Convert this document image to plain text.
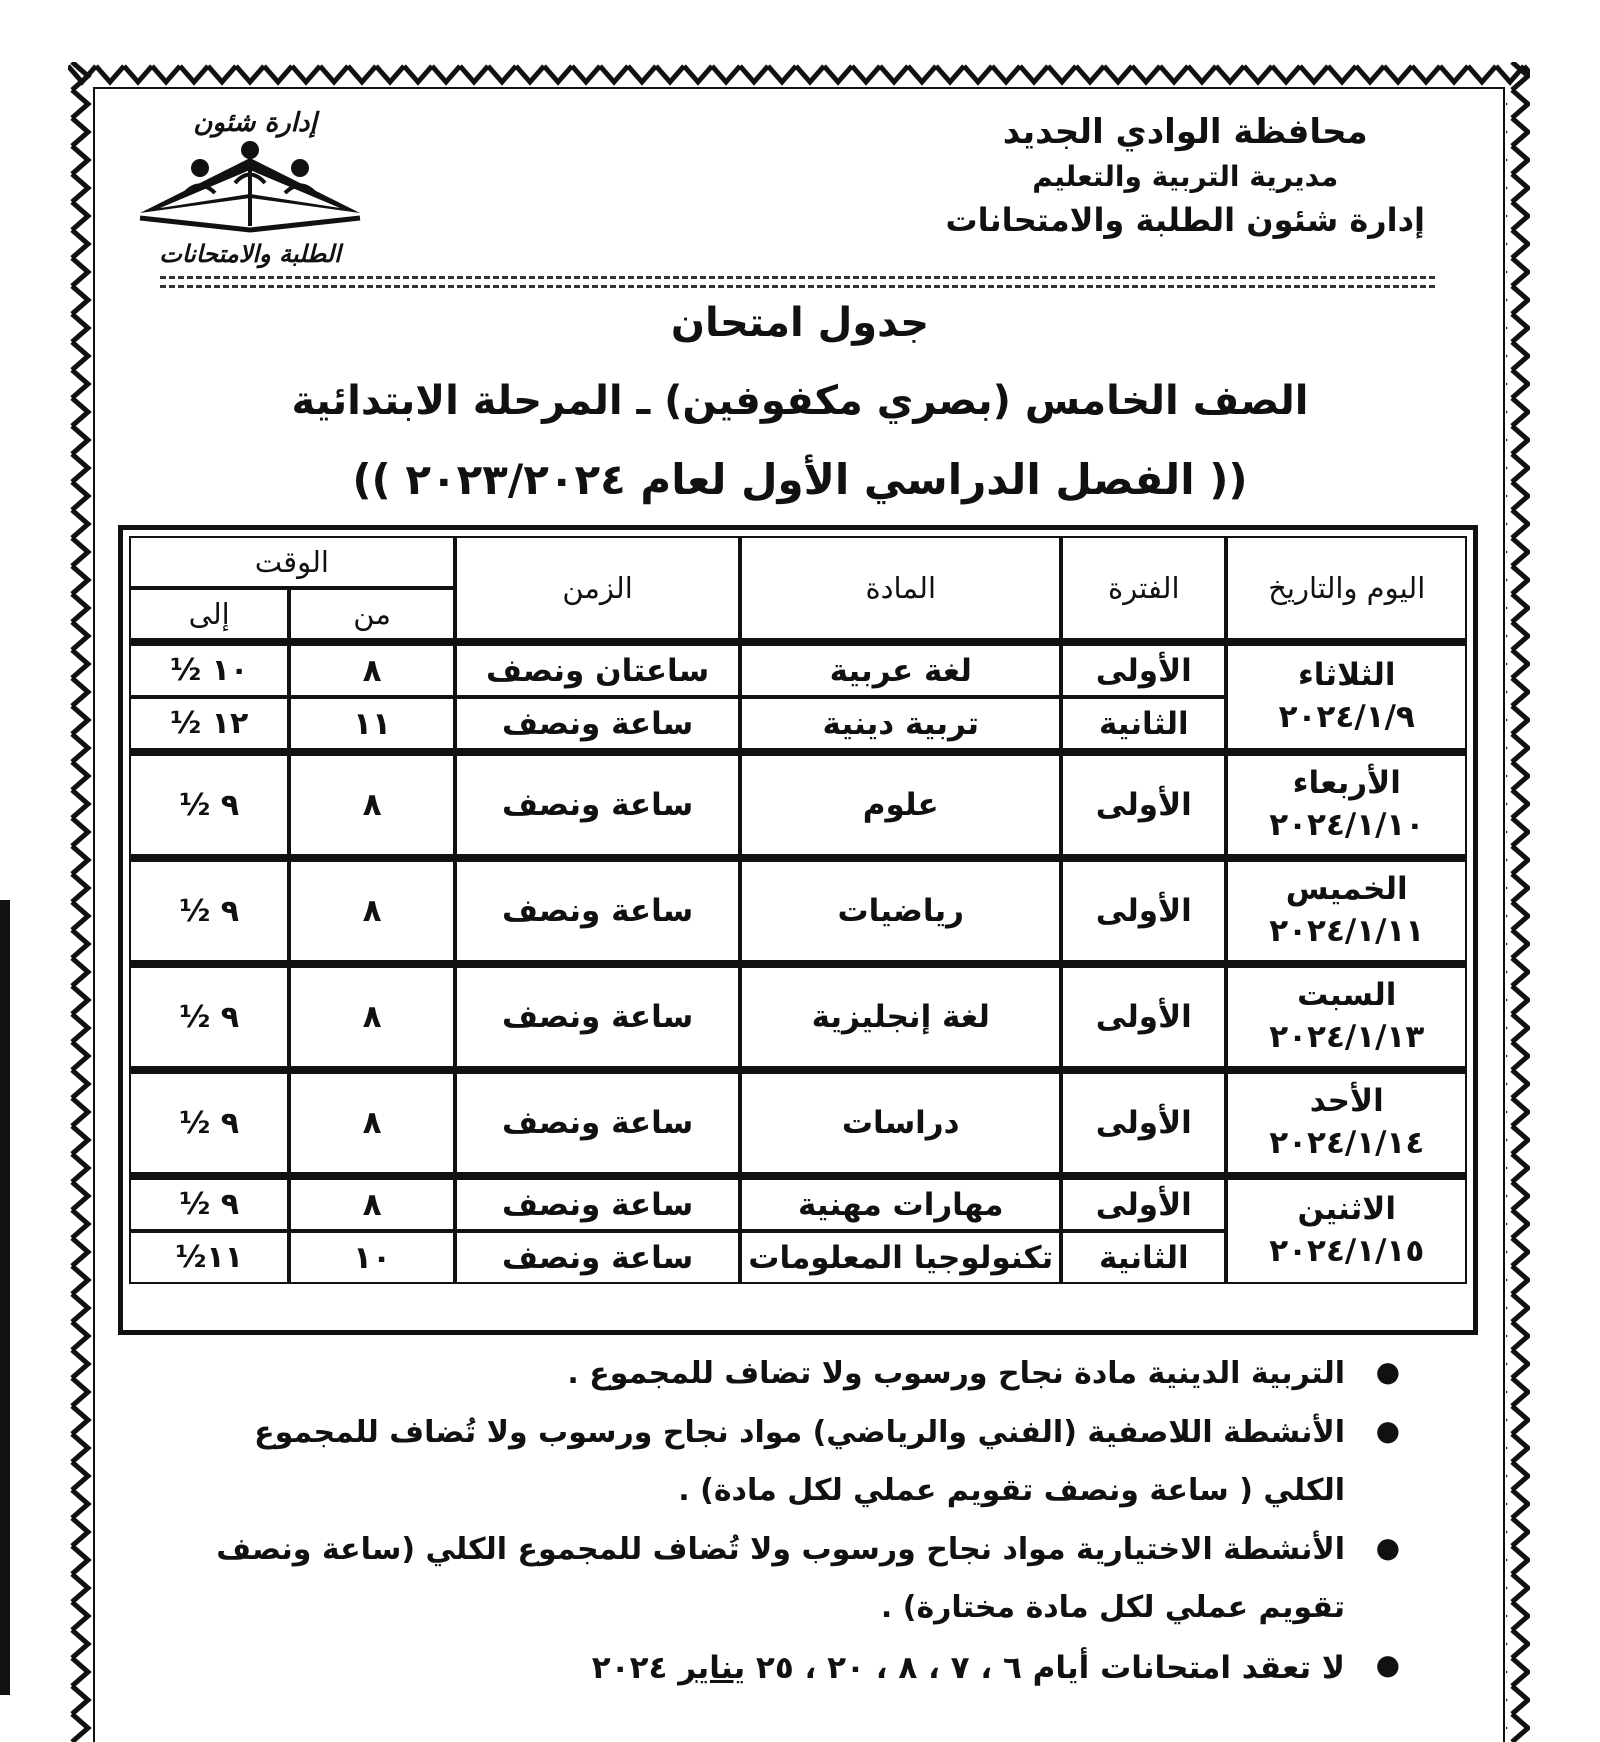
محافظة الوادي الجديد
مديرية التربية والتعليم
إدارة شئون الطلبة والامتحانات
إدارة شئون
الطلبة والامتحانات
جدول امتحان
الصف الخامس (بصري مكفوفين) ـ المرحلة الابتدائية
(( الفصل الدراسي الأول لعام ٢٠٢٣/٢٠٢٤ ))
اليوم والتاريخ	الفترة	المادة	الزمن	الوقت	
				من	إلى

الثلاثاء
٢٠٢٤/١/٩	الأولى	لغة عربية	ساعتان ونصف	٨	١٠ ½
	الثانية	تربية دينية	ساعة ونصف	١١	١٢ ½

الأربعاء
٢٠٢٤/١/١٠	الأولى	علوم	ساعة ونصف	٨	٩ ½

الخميس
٢٠٢٤/١/١١	الأولى	رياضيات	ساعة ونصف	٨	٩ ½

السبت
٢٠٢٤/١/١٣	الأولى	لغة إنجليزية	ساعة ونصف	٨	٩ ½

الأحد
٢٠٢٤/١/١٤	الأولى	دراسات	ساعة ونصف	٨	٩ ½

الاثنين
٢٠٢٤/١/١٥	الأولى	مهارات مهنية	ساعة ونصف	٨	٩ ½
	الثانية	تكنولوجيا المعلومات	ساعة ونصف	١٠	١١½
●
التربية الدينية مادة نجاح ورسوب ولا تضاف للمجموع .
●
الأنشطة اللاصفية (الفني والرياضي) مواد نجاح ورسوب ولا تُضاف للمجموع الكلي ( ساعة ونصف تقويم عملي لكل مادة) .
●
الأنشطة الاختيارية مواد نجاح ورسوب ولا تُضاف للمجموع الكلي (ساعة ونصف تقويم عملي لكل مادة مختارة) .
●
لا تعقد امتحانات أيام ٦ ، ٧ ، ٨ ، ٢٠ ، ٢٥ يناير ٢٠٢٤
